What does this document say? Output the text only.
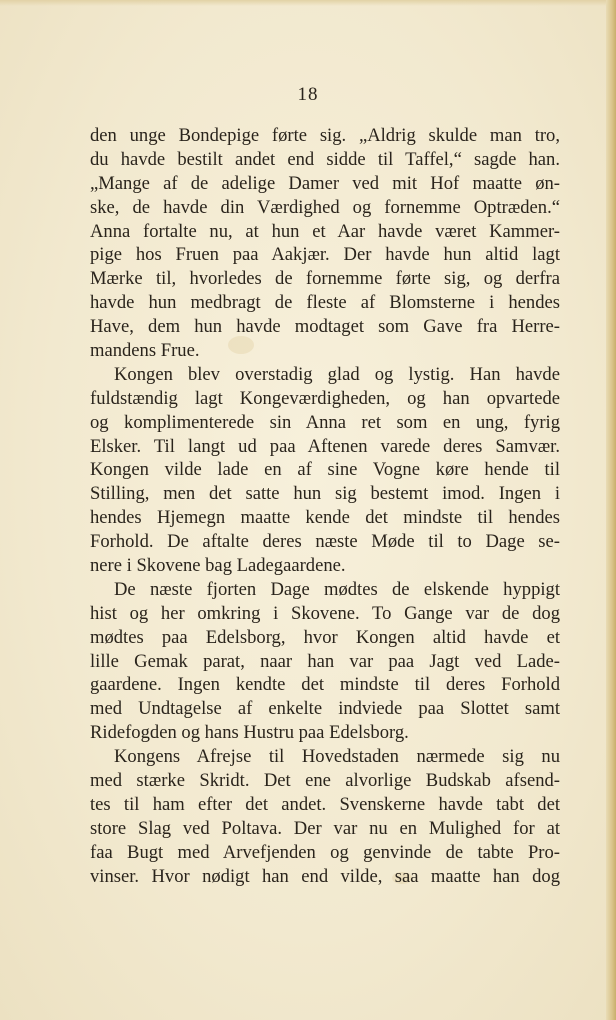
18
den unge Bondepige førte sig. „Aldrig skulde man tro,
du havde bestilt andet end sidde til Taffel,“ sagde han.
„Mange af de adelige Damer ved mit Hof maatte øn-
ske, de havde din Værdighed og fornemme Optræden.“
Anna fortalte nu, at hun et Aar havde været Kammer-
pige hos Fruen paa Aakjær. Der havde hun altid lagt
Mærke til, hvorledes de fornemme førte sig, og derfra
havde hun medbragt de fleste af Blomsterne i hendes
Have, dem hun havde modtaget som Gave fra Herre-
mandens Frue.
Kongen blev overstadig glad og lystig. Han havde
fuldstændig lagt Kongeværdigheden, og han opvartede
og komplimenterede sin Anna ret som en ung, fyrig
Elsker. Til langt ud paa Aftenen varede deres Samvær.
Kongen vilde lade en af sine Vogne køre hende til
Stilling, men det satte hun sig bestemt imod. Ingen i
hendes Hjemegn maatte kende det mindste til hendes
Forhold. De aftalte deres næste Møde til to Dage se-
nere i Skovene bag Ladegaardene.
De næste fjorten Dage mødtes de elskende hyppigt
hist og her omkring i Skovene. To Gange var de dog
mødtes paa Edelsborg, hvor Kongen altid havde et
lille Gemak parat, naar han var paa Jagt ved Lade-
gaardene. Ingen kendte det mindste til deres Forhold
med Undtagelse af enkelte indviede paa Slottet samt
Ridefogden og hans Hustru paa Edelsborg.
Kongens Afrejse til Hovedstaden nærmede sig nu
med stærke Skridt. Det ene alvorlige Budskab afsend-
tes til ham efter det andet. Svenskerne havde tabt det
store Slag ved Poltava. Der var nu en Mulighed for at
faa Bugt med Arvefjenden og genvinde de tabte Pro-
vinser. Hvor nødigt han end vilde, saa maatte han dog
